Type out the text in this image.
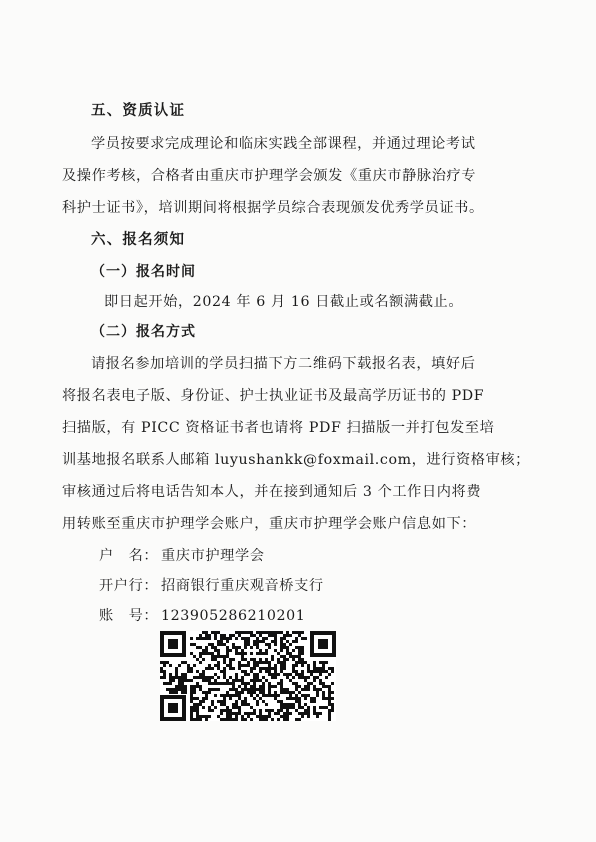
五、资质认证
学员按要求完成理论和临床实践全部课程，并通过理论考试
及操作考核，合格者由重庆市护理学会颁发《重庆市静脉治疗专
科护士证书》，培训期间将根据学员综合表现颁发优秀学员证书。
六、报名须知
（一）报名时间
即日起开始，2024 年 6 月 16 日截止或名额满截止。
（二）报名方式
请报名参加培训的学员扫描下方二维码下载报名表，填好后
将报名表电子版、身份证、护士执业证书及最高学历证书的 PDF
扫描版，有 PICC 资格证书者也请将 PDF 扫描版一并打包发至培
训基地报名联系人邮箱 luyushankk@foxmail.com，进行资格审核；
审核通过后将电话告知本人，并在接到通知后 3 个工作日内将费
用转账至重庆市护理学会账户，重庆市护理学会账户信息如下：
户　名： 重庆市护理学会
开户行： 招商银行重庆观音桥支行
账　号： 123905286210201
